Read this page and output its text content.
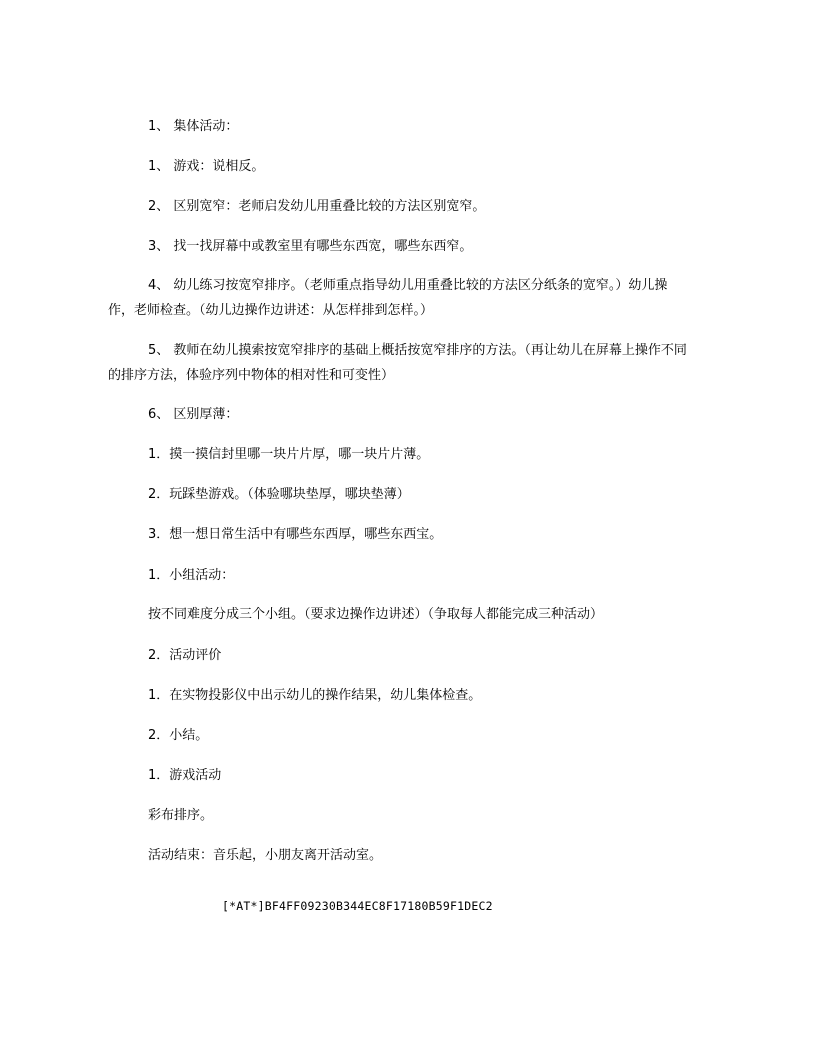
1、 集体活动：

1、 游戏：说相反。

2、 区别宽窄：老师启发幼儿用重叠比较的方法区别宽窄。

3、 找一找屏幕中或教室里有哪些东西宽，哪些东西窄。

4、 幼儿练习按宽窄排序。（老师重点指导幼儿用重叠比较的方法区分纸条的宽窄。）幼儿操作，老师检查。（幼儿边操作边讲述：从怎样排到怎样。）

5、 教师在幼儿摸索按宽窄排序的基础上概括按宽窄排序的方法。（再让幼儿在屏幕上操作不同的排序方法，体验序列中物体的相对性和可变性）

6、 区别厚薄：

1．摸一摸信封里哪一块片片厚，哪一块片片薄。

2．玩踩垫游戏。（体验哪块垫厚，哪块垫薄）

3．想一想日常生活中有哪些东西厚，哪些东西宝。

1．小组活动：

按不同难度分成三个小组。（要求边操作边讲述）（争取每人都能完成三种活动）

2．活动评价

1．在实物投影仪中出示幼儿的操作结果，幼儿集体检查。

2．小结。

1．游戏活动

彩布排序。

活动结束：音乐起，小朋友离开活动室。

[*AT*]BF4FF09230B344EC8F17180B59F1DEC2
